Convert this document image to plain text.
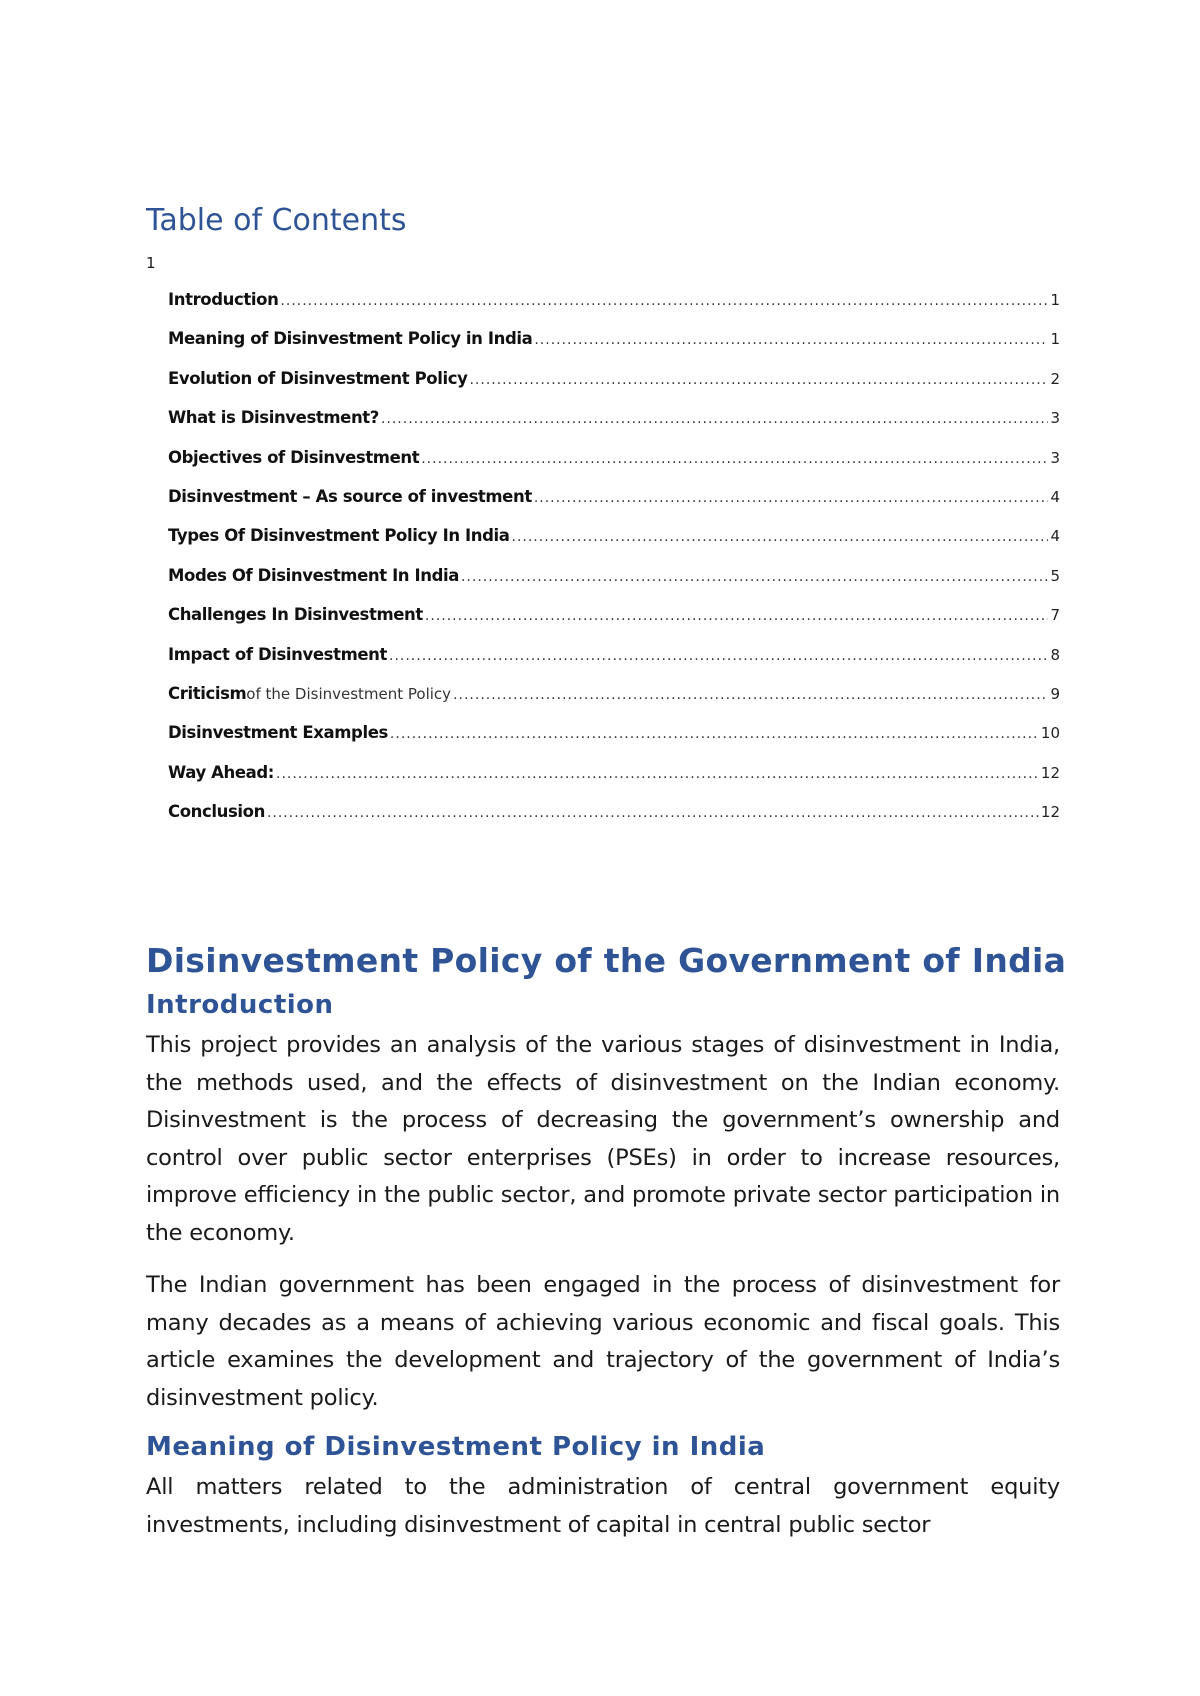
Table of Contents
1
Introduction .....	1
Meaning of Disinvestment Policy in India .....	1
Evolution of Disinvestment Policy .....	2
What is Disinvestment? .....	3
Objectives of Disinvestment .....	3
Disinvestment – As source of investment .....	4
Types Of Disinvestment Policy In India .....	4
Modes Of Disinvestment In India .....	5
Challenges In Disinvestment .....	7
Impact of Disinvestment .....	8
Criticism of the Disinvestment Policy .....	9
Disinvestment Examples .....	10
Way Ahead: .....	12
Conclusion .....	12
Disinvestment Policy of the Government of India
Introduction

This project provides an analysis of the various stages of disinvestment in India, the methods used, and the effects of disinvestment on the Indian economy. Disinvestment is the process of decreasing the government’s ownership and control over public sector enterprises (PSEs) in order to increase resources, improve efficiency in the public sector, and promote private sector participation in the economy.

The Indian government has been engaged in the process of disinvestment for many decades as a means of achieving various economic and fiscal goals. This article examines the development and trajectory of the government of India’s disinvestment policy.

Meaning of Disinvestment Policy in India

All matters related to the administration of central government equity investments, including disinvestment of capital in central public sector
